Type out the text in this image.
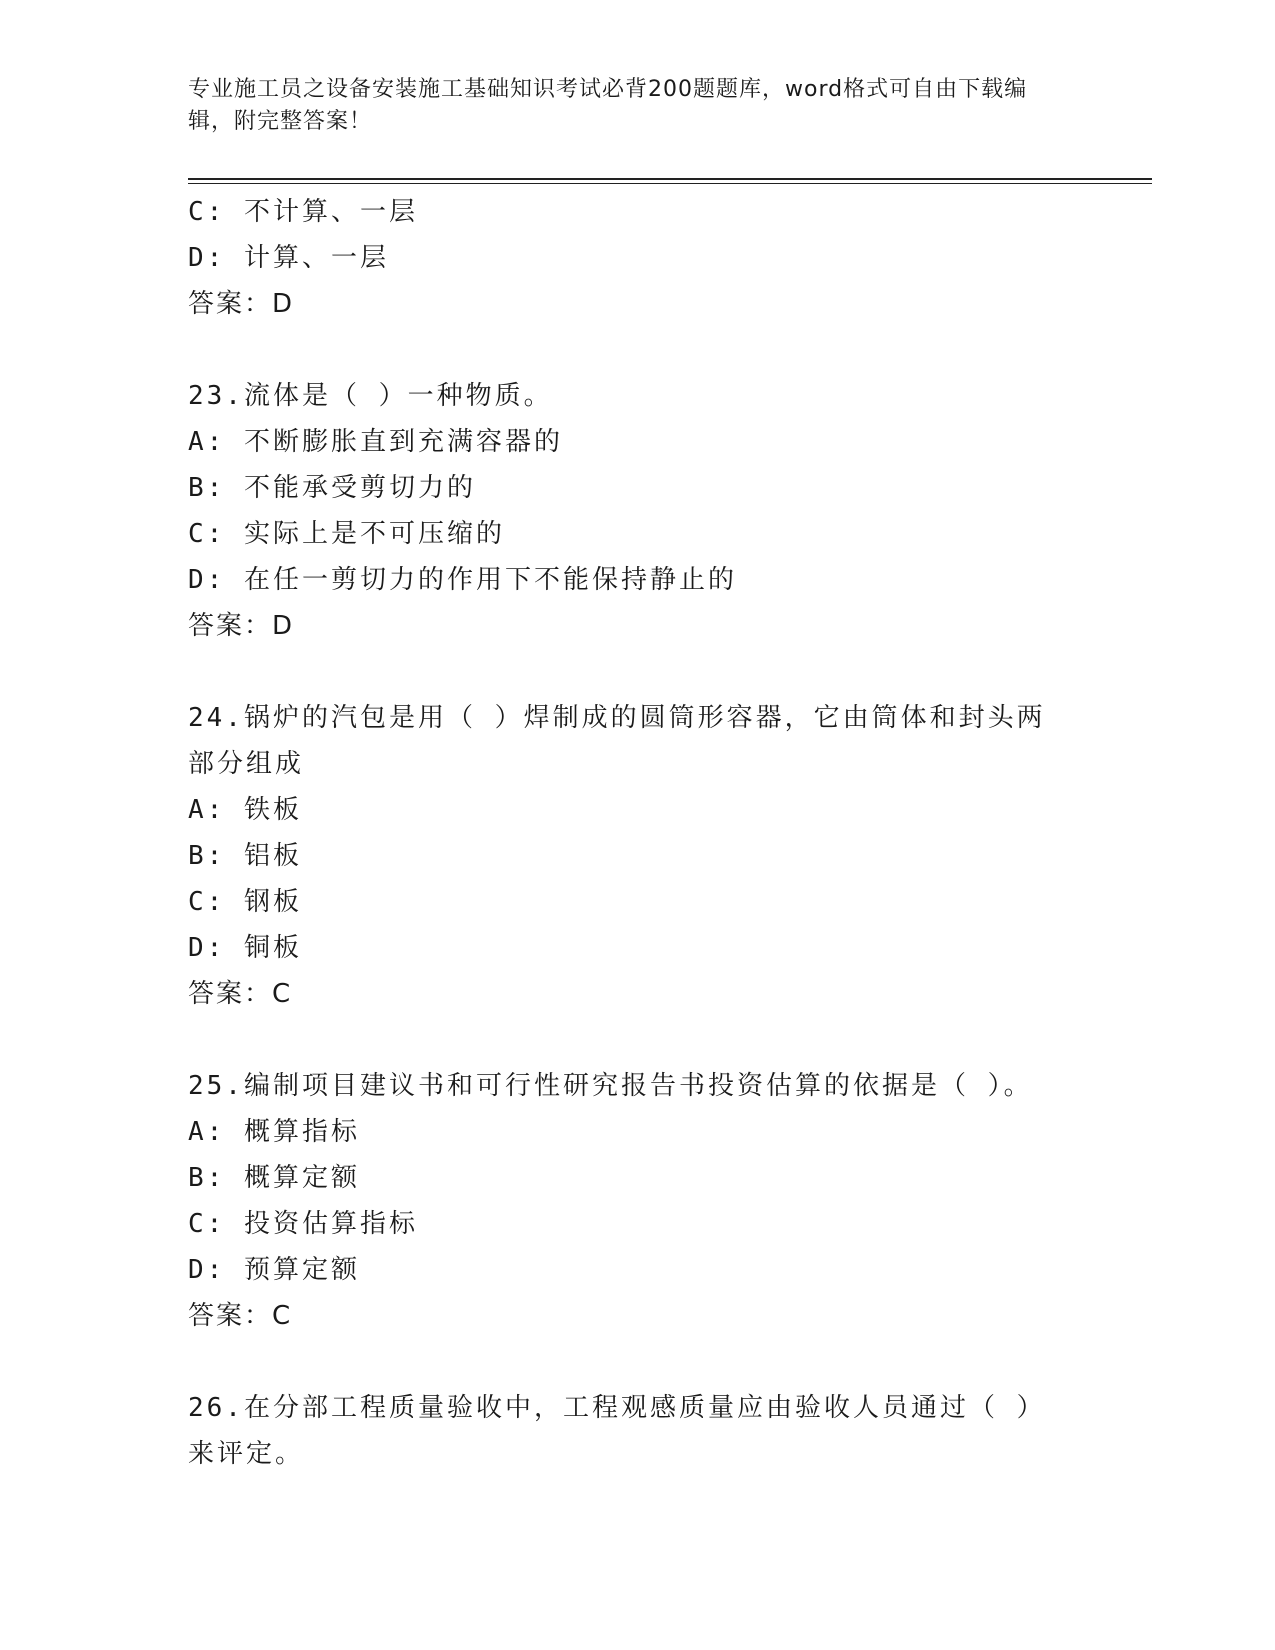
专业施工员之设备安装施工基础知识考试必背200题题库，word格式可自由下载编辑，附完整答案！
C: 不计算、一层
D: 计算、一层
答案：D
23.流体是（ ）一种物质。
A: 不断膨胀直到充满容器的
B: 不能承受剪切力的
C: 实际上是不可压缩的
D: 在任一剪切力的作用下不能保持静止的
答案：D
24.锅炉的汽包是用（ ）焊制成的圆筒形容器，它由筒体和封头两部分组成
A: 铁板
B: 铝板
C: 钢板
D: 铜板
答案：C
25.编制项目建议书和可行性研究报告书投资估算的依据是（ ）。
A: 概算指标
B: 概算定额
C: 投资估算指标
D: 预算定额
答案：C
26.在分部工程质量验收中，工程观感质量应由验收人员通过（ ）来评定。
